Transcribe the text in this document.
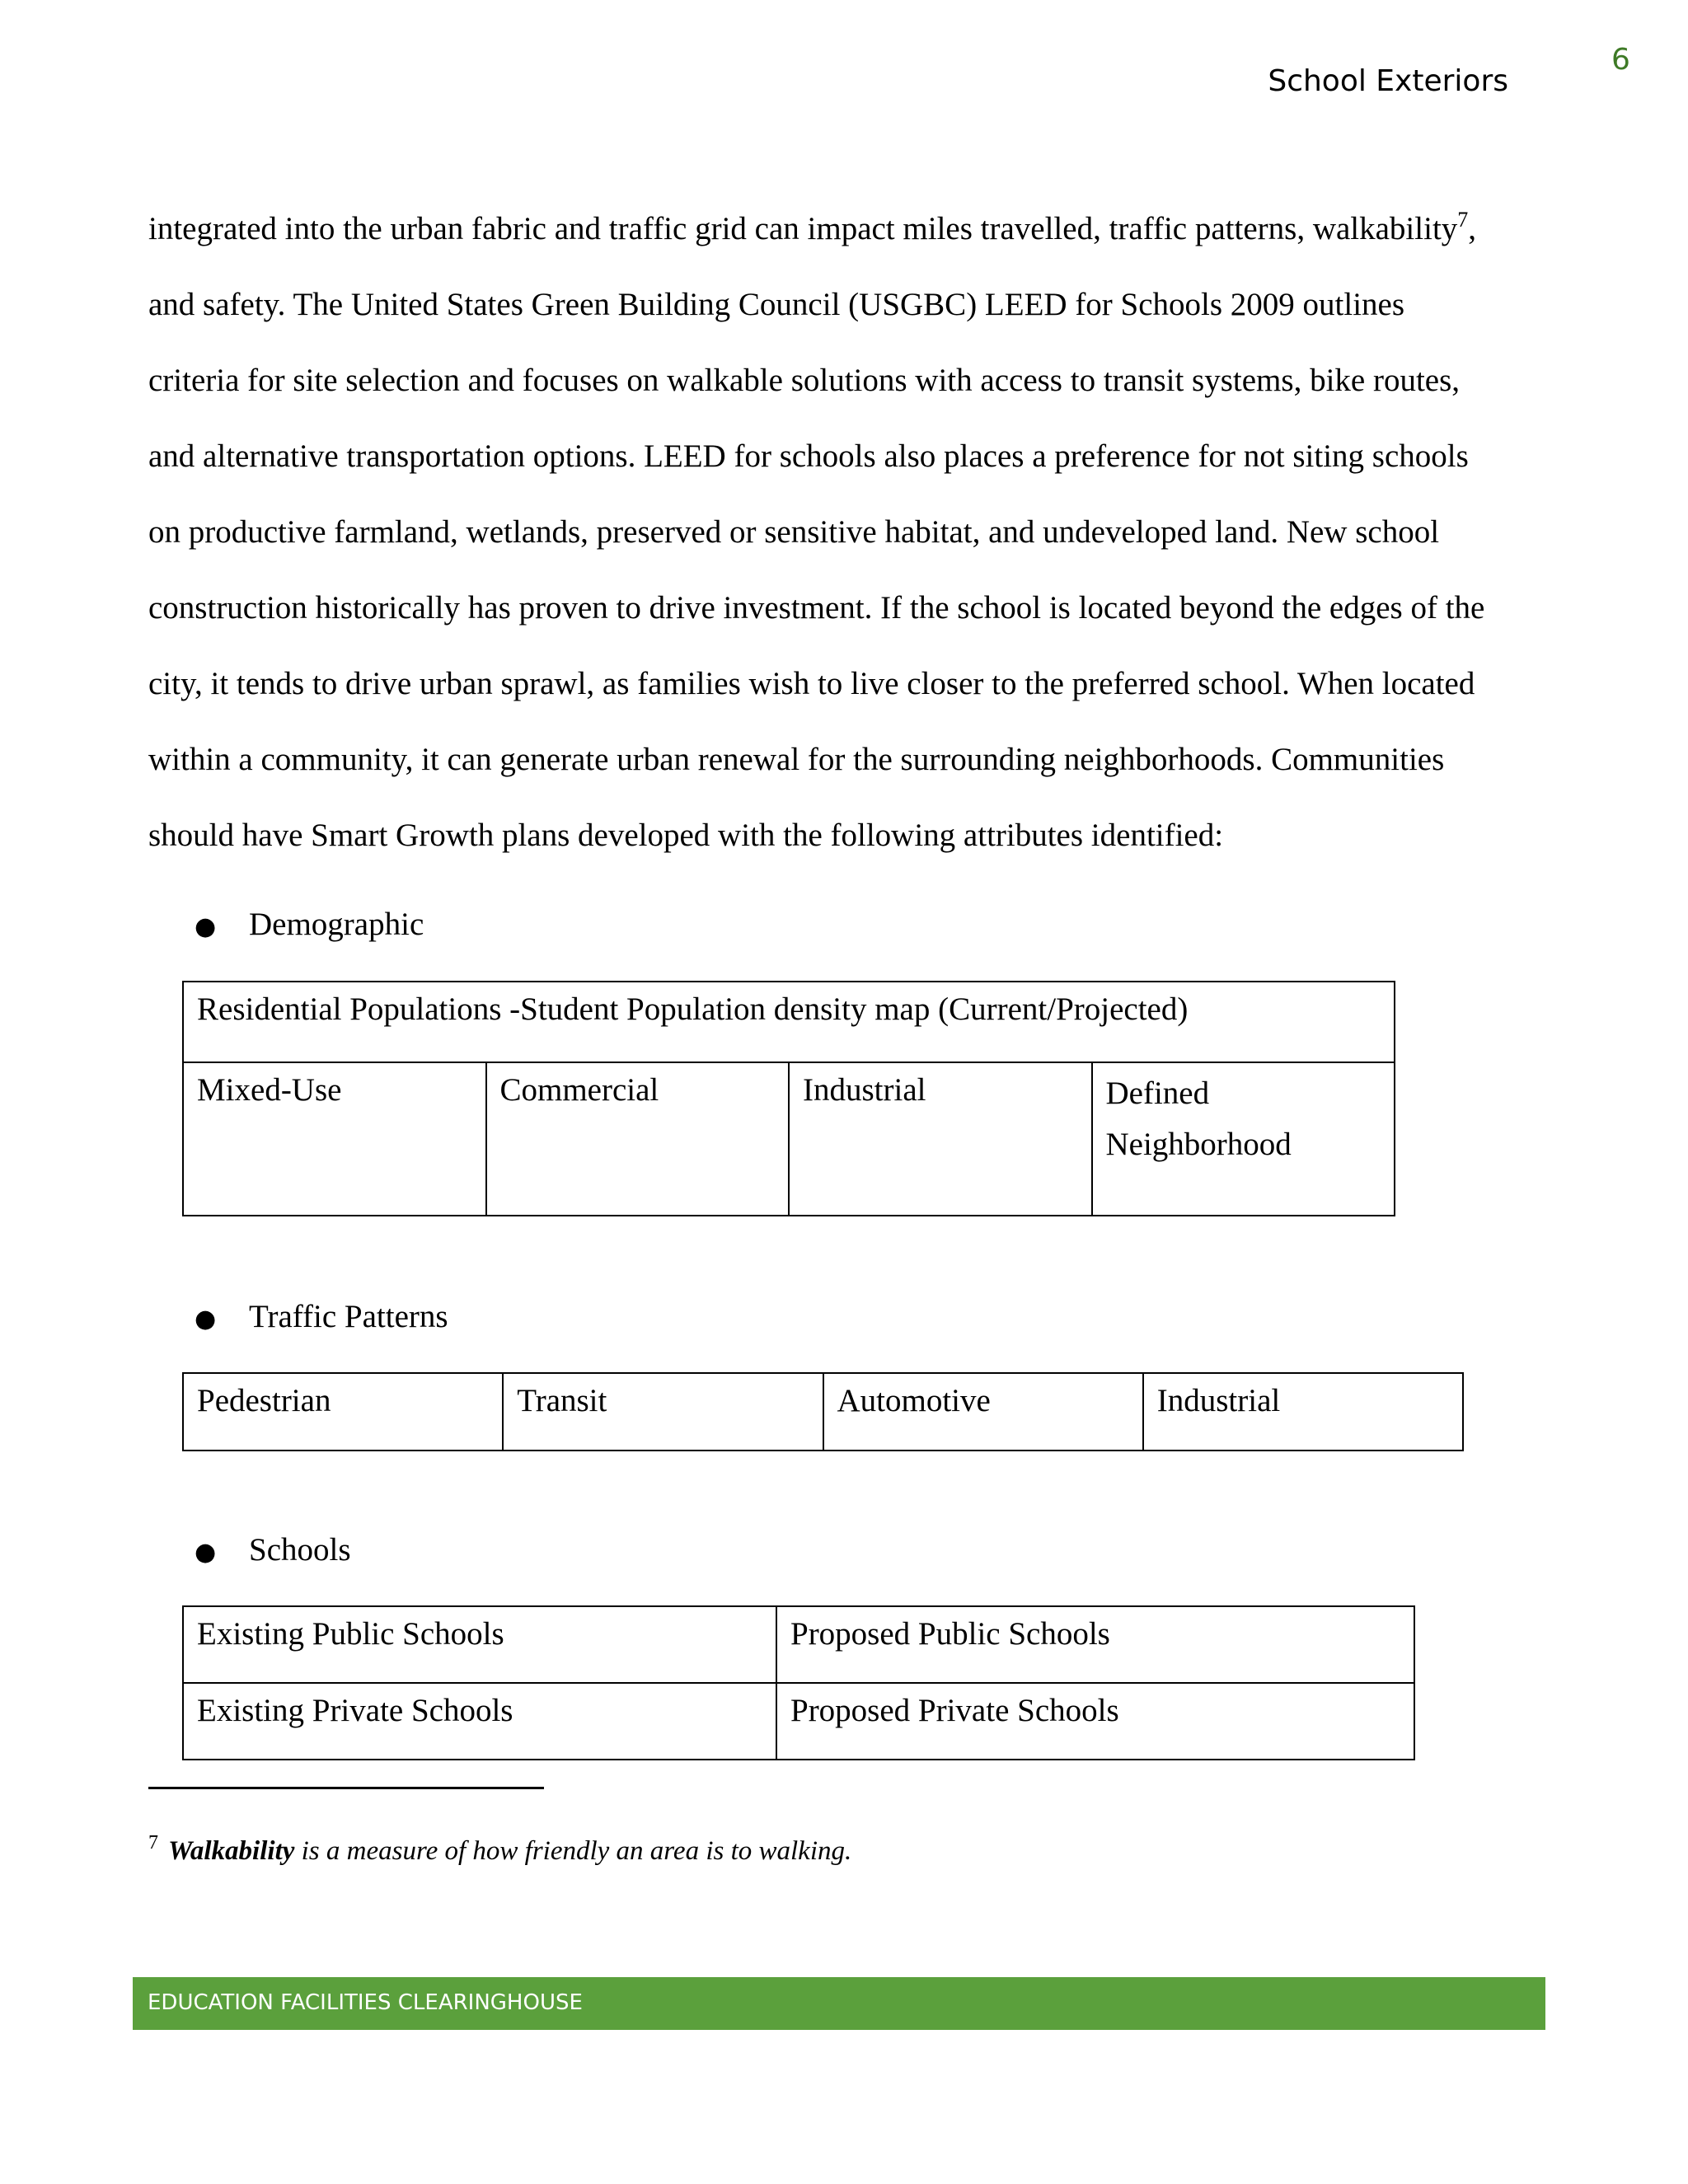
6
School Exteriors
integrated into the urban fabric and traffic grid can impact miles travelled, traffic patterns, walkability$^7$,
and safety. The United States Green Building Council (USGBC) LEED for Schools 2009 outlines
criteria for site selection and focuses on walkable solutions with access to transit systems, bike routes,
and alternative transportation options. LEED for schools also places a preference for not siting schools
on productive farmland, wetlands, preserved or sensitive habitat, and undeveloped land. New school
construction historically has proven to drive investment. If the school is located beyond the edges of the
city, it tends to drive urban sprawl, as families wish to live closer to the preferred school. When located
within a community, it can generate urban renewal for the surrounding neighborhoods. Communities
should have Smart Growth plans developed with the following attributes identified:
● Demographic
Residential Populations -Student Population density map (Current/Projected)
Mixed-Use	Commercial	Industrial	Defined
Neighborhood
● Traffic Patterns
Pedestrian	Transit	Automotive	Industrial
● Schools
Existing Public Schools	Proposed Public Schools
Existing Private Schools	Proposed Private Schools
$^7$ Walkability is a measure of how friendly an area is to walking.
EDUCATION FACILITIES CLEARINGHOUSE
